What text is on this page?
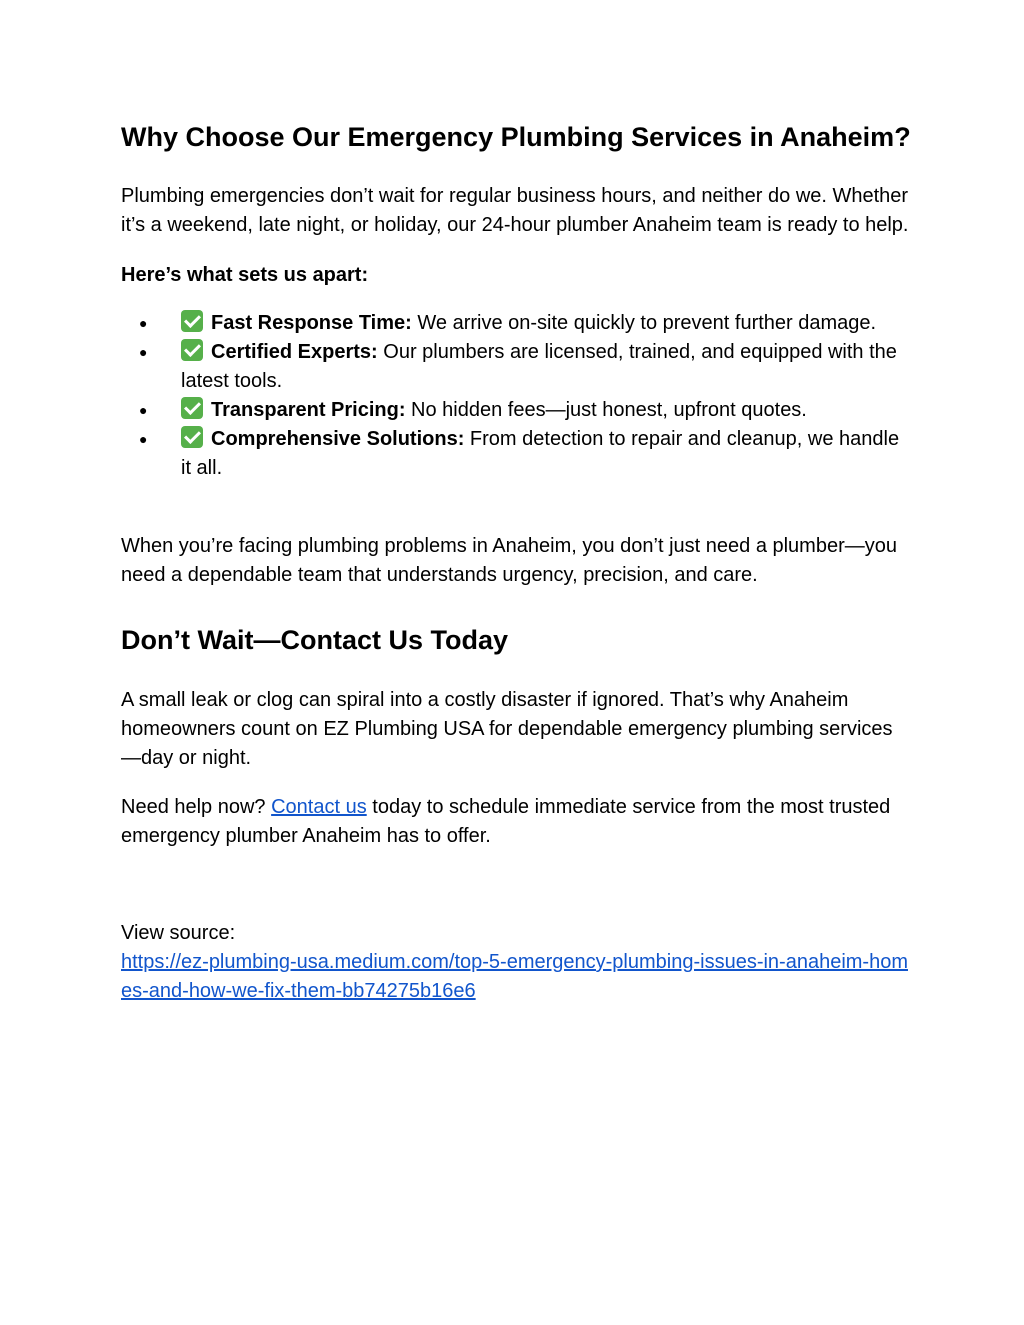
Why Choose Our Emergency Plumbing Services in Anaheim?

Plumbing emergencies don’t wait for regular business hours, and neither do we. Whether it’s a weekend, late night, or holiday, our 24-hour plumber Anaheim team is ready to help.

Here’s what sets us apart:

●	Fast Response Time: We arrive on-site quickly to prevent further damage.
●	Certified Experts: Our plumbers are licensed, trained, and equipped with the latest tools.
●	Transparent Pricing: No hidden fees—just honest, upfront quotes.
●	Comprehensive Solutions: From detection to repair and cleanup, we handle it all.

When you’re facing plumbing problems in Anaheim, you don’t just need a plumber—you need a dependable team that understands urgency, precision, and care.

Don’t Wait—Contact Us Today

A small leak or clog can spiral into a costly disaster if ignored. That’s why Anaheim homeowners count on EZ Plumbing USA for dependable emergency plumbing services—day or night.

Need help now? Contact us today to schedule immediate service from the most trusted emergency plumber Anaheim has to offer.

View source:

https://ez-plumbing-usa.medium.com/top-5-emergency-plumbing-issues-in-anaheim-homes-and-how-we-fix-them-bb74275b16e6
